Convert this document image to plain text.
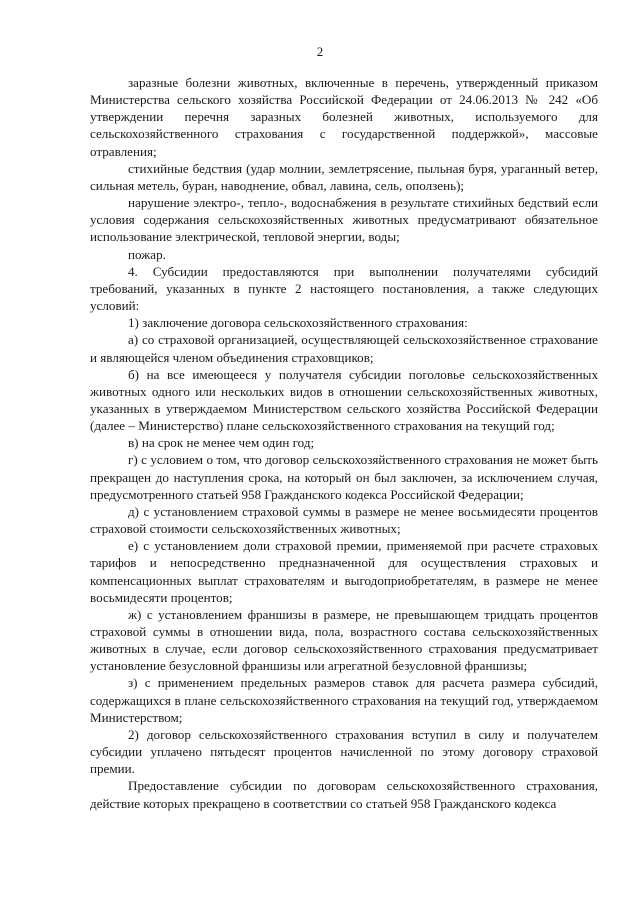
2

заразные болезни животных, включенные в перечень, утвержденный приказом Министерства сельского хозяйства Российской Федерации от 24.06.2013 № 242 «Об утверждении перечня заразных болезней животных, используемого для сельскохозяйственного страхования с государственной поддержкой», массовые отравления;

стихийные бедствия (удар молнии, землетрясение, пыльная буря, ураганный ветер, сильная метель, буран, наводнение, обвал, лавина, сель, оползень);

нарушение электро-, тепло-, водоснабжения в результате стихийных бедствий если условия содержания сельскохозяйственных животных предусматривают обязательное использование электрической, тепловой энергии, воды;

пожар.

4. Субсидии предоставляются при выполнении получателями субсидий требований, указанных в пункте 2 настоящего постановления, а также следующих условий:

1) заключение договора сельскохозяйственного страхования:

а) со страховой организацией, осуществляющей сельскохозяйственное страхование и являющейся членом объединения страховщиков;

б) на все имеющееся у получателя субсидии поголовье сельскохозяйственных животных одного или нескольких видов в отношении сельскохозяйственных животных, указанных в утверждаемом Министерством сельского хозяйства Российской Федерации (далее – Министерство) плане сельскохозяйственного страхования на текущий год;

в) на срок не менее чем один год;

г) с условием о том, что договор сельскохозяйственного страхования не может быть прекращен до наступления срока, на который он был заключен, за исключением случая, предусмотренного статьей 958 Гражданского кодекса Российской Федерации;

д) с установлением страховой суммы в размере не менее восьмидесяти процентов страховой стоимости сельскохозяйственных животных;

е) с установлением доли страховой премии, применяемой при расчете страховых тарифов и непосредственно предназначенной для осуществления страховых и компенсационных выплат страхователям и выгодоприобретателям, в размере не менее восьмидесяти процентов;

ж) с установлением франшизы в размере, не превышающем тридцать процентов страховой суммы в отношении вида, пола, возрастного состава сельскохозяйственных животных в случае, если договор сельскохозяйственного страхования предусматривает установление безусловной франшизы или агрегатной безусловной франшизы;

з) с применением предельных размеров ставок для расчета размера субсидий, содержащихся в плане сельскохозяйственного страхования на текущий год, утверждаемом Министерством;

2) договор сельскохозяйственного страхования вступил в силу и получателем субсидии уплачено пятьдесят процентов начисленной по этому договору страховой премии.

Предоставление субсидии по договорам сельскохозяйственного страхования, действие которых прекращено в соответствии со статьей 958 Гражданского кодекса
